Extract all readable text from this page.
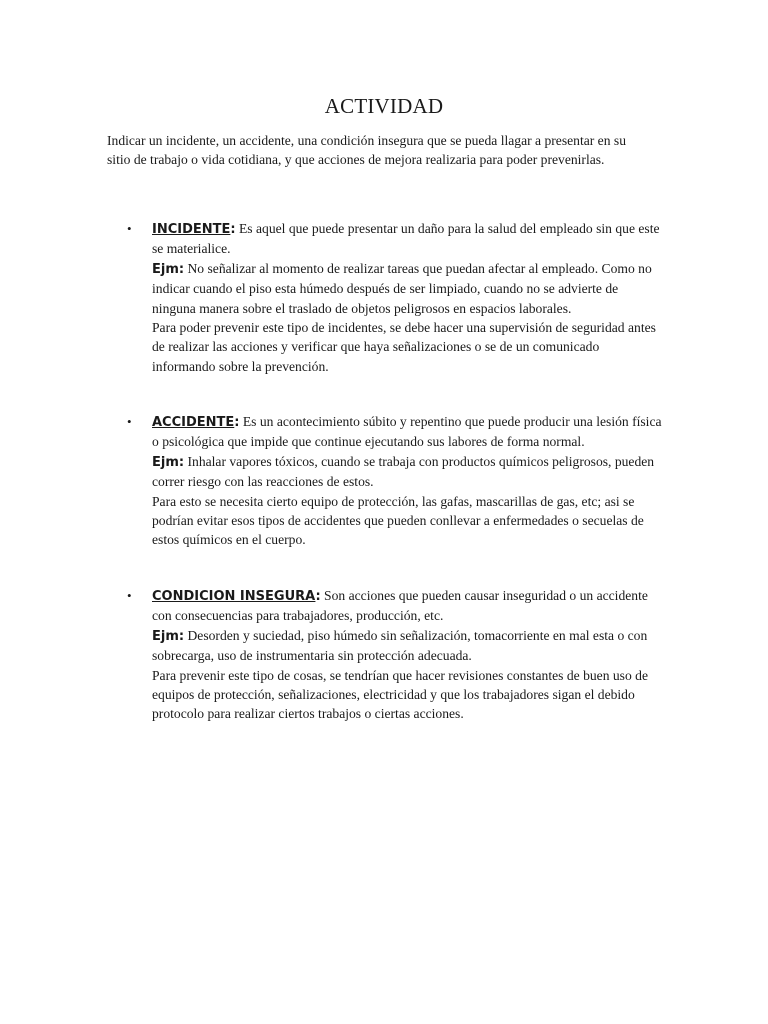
ACTIVIDAD
Indicar un incidente, un accidente, una condición insegura que se pueda llagar a presentar en su sitio de trabajo o vida cotidiana, y que acciones de mejora realizaria para poder prevenirlas.
•	INCIDENTE: Es aquel que puede presentar un daño para la salud del empleado sin que este se materialice.
Ejm: No señalizar al momento de realizar tareas que puedan afectar al empleado. Como no indicar cuando el piso esta húmedo después de ser limpiado, cuando no se advierte de ninguna manera sobre el traslado de objetos peligrosos en espacios laborales.
Para poder prevenir este tipo de incidentes, se debe hacer una supervisión de seguridad antes de realizar las acciones y verificar que haya señalizaciones o se de un comunicado informando sobre la prevención.
•	ACCIDENTE: Es un acontecimiento súbito y repentino que puede producir una lesión física o psicológica que impide que continue ejecutando sus labores de forma normal.
Ejm: Inhalar vapores tóxicos, cuando se trabaja con productos químicos peligrosos, pueden correr riesgo con las reacciones de estos.
Para esto se necesita cierto equipo de protección, las gafas, mascarillas de gas, etc; asi se podrían evitar esos tipos de accidentes que pueden conllevar a enfermedades o secuelas de estos químicos en el cuerpo.
•	CONDICION INSEGURA: Son acciones que pueden causar inseguridad o un accidente con consecuencias para trabajadores, producción, etc.
Ejm: Desorden y suciedad, piso húmedo sin señalización, tomacorriente en mal esta o con sobrecarga, uso de instrumentaria sin protección adecuada.
Para prevenir este tipo de cosas, se tendrían que hacer revisiones constantes de buen uso de equipos de protección, señalizaciones, electricidad y que los trabajadores sigan el debido protocolo para realizar ciertos trabajos o ciertas acciones.
